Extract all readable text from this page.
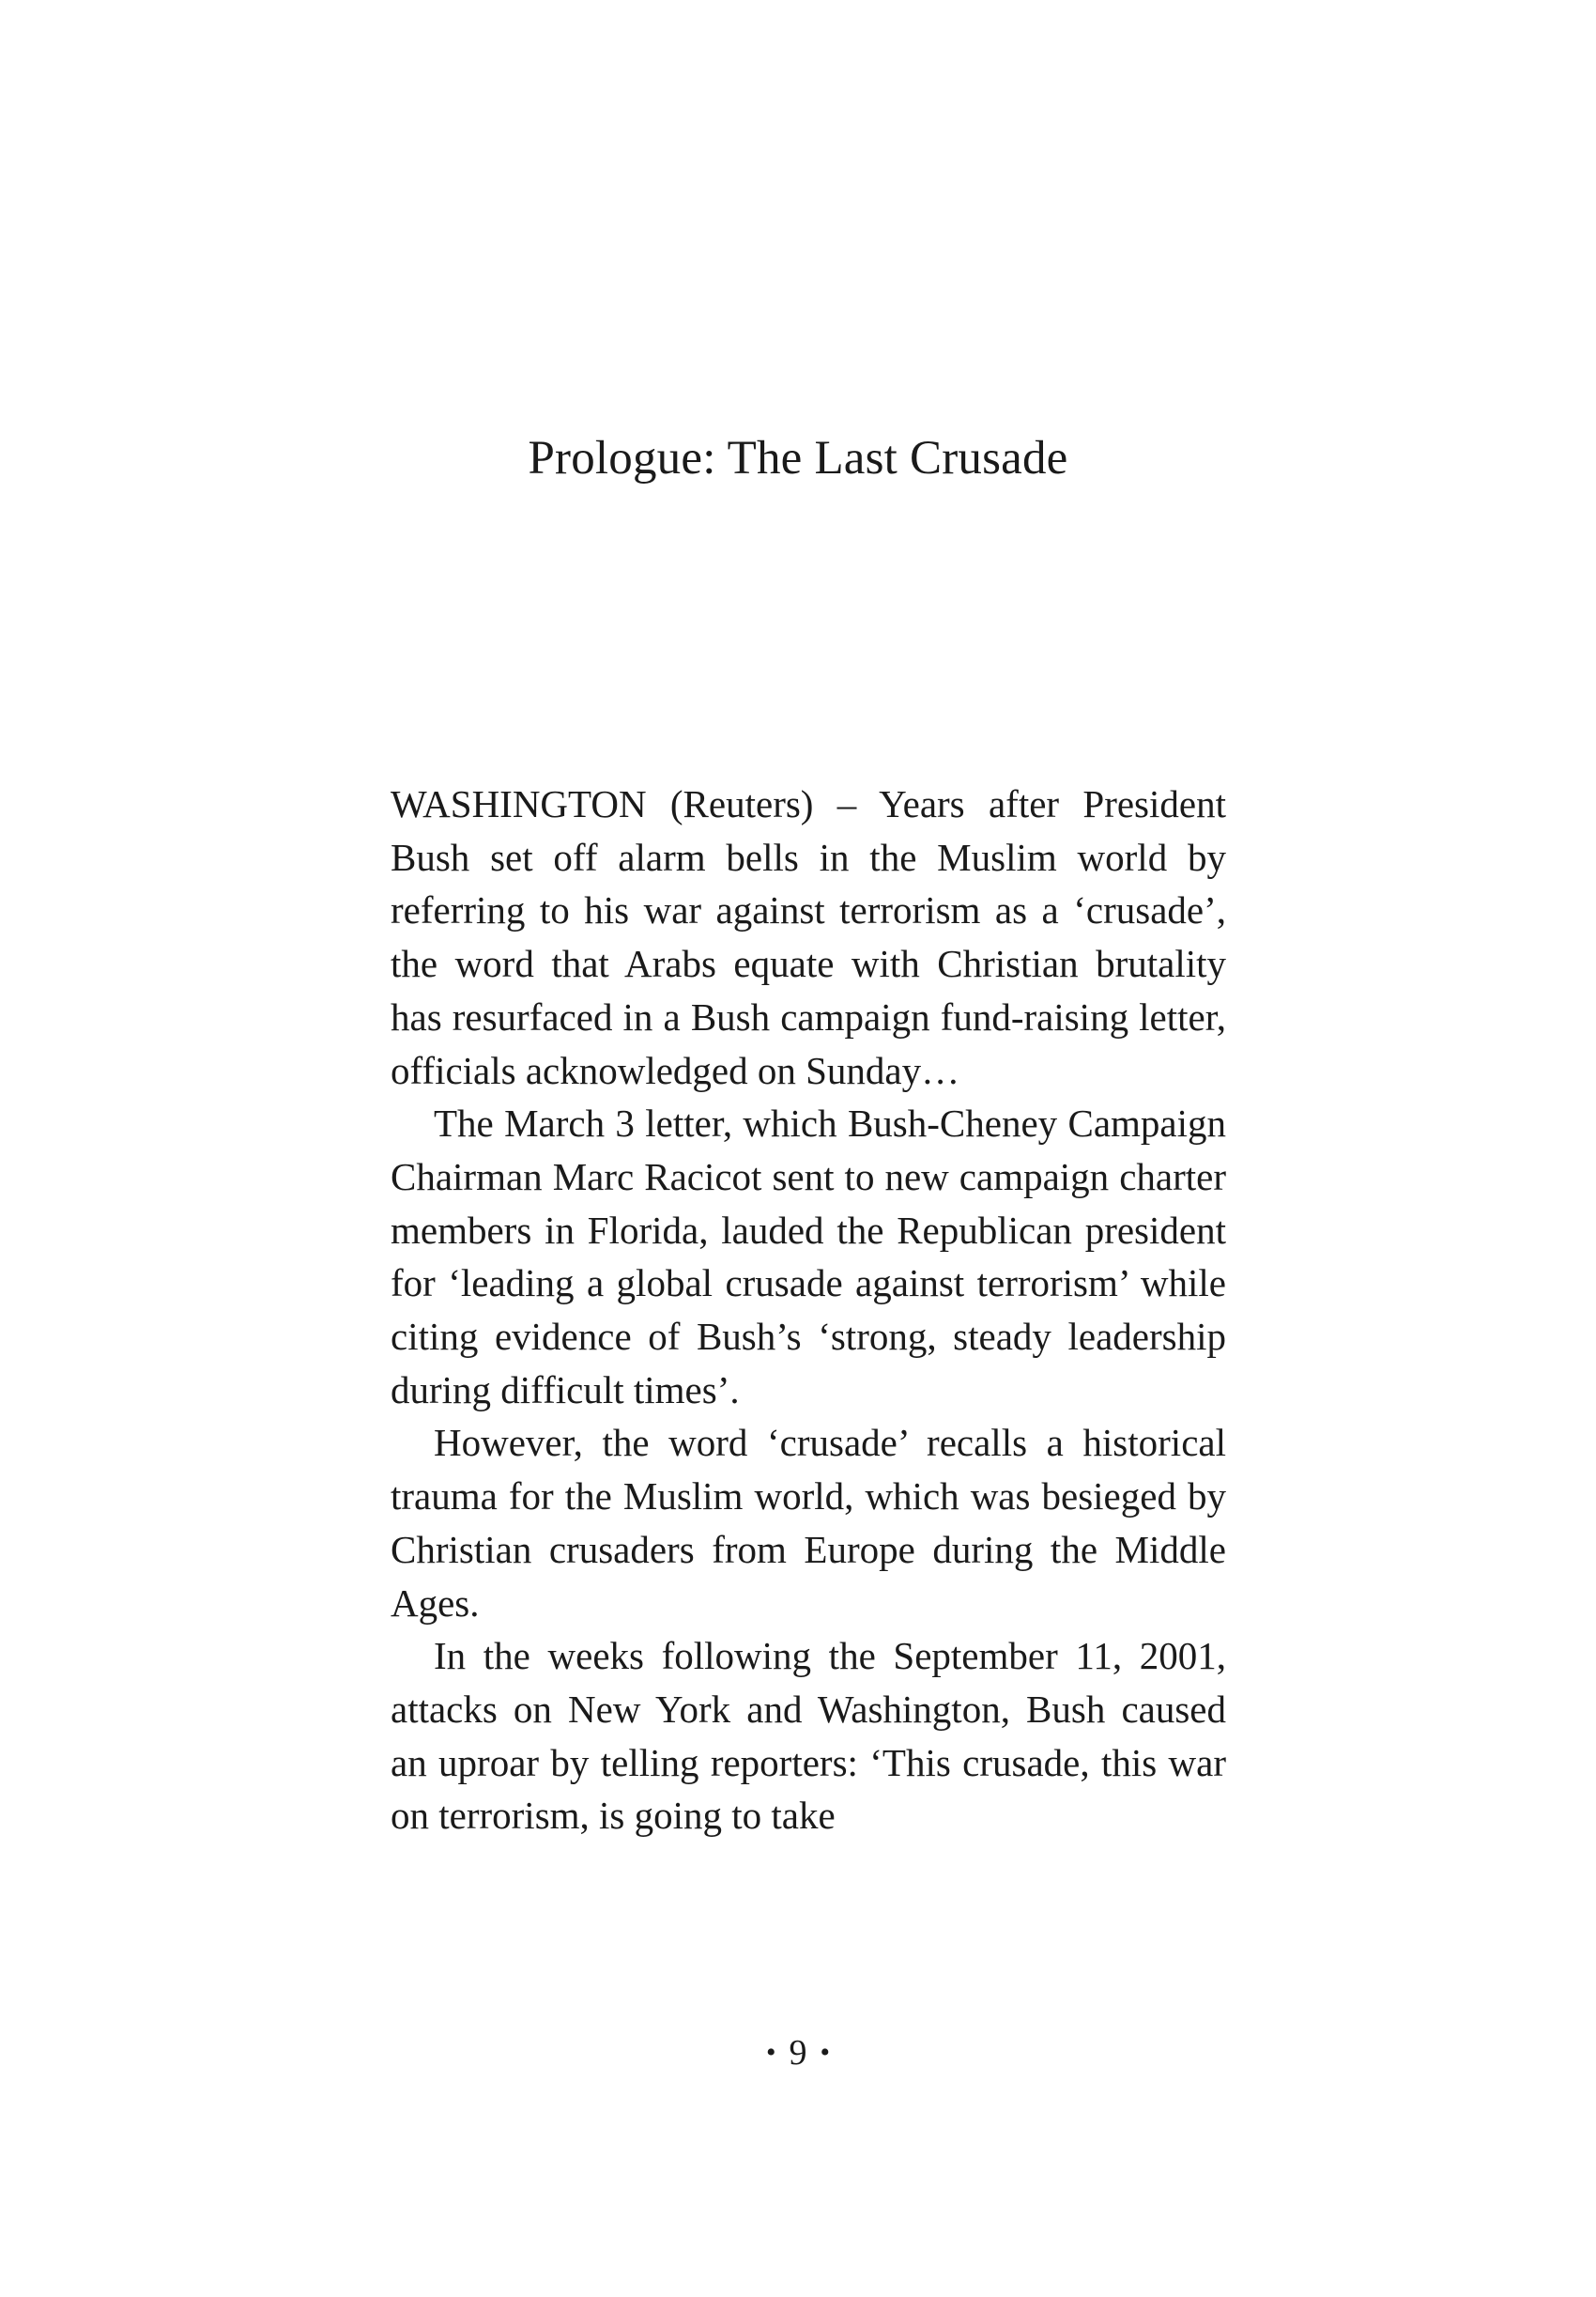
Prologue: The Last Crusade

WASHINGTON (Reuters) – Years after President Bush set off alarm bells in the Muslim world by referring to his war against terrorism as a ‘crusade’, the word that Arabs equate with Christian brutality has resurfaced in a Bush campaign fund-raising letter, officials acknowledged on Sunday…

The March 3 letter, which Bush-Cheney Campaign Chairman Marc Racicot sent to new campaign charter members in Florida, lauded the Republican president for ‘leading a global crusade against terrorism’ while citing evidence of Bush’s ‘strong, steady leadership during difficult times’.

However, the word ‘crusade’ recalls a historical trauma for the Muslim world, which was besieged by Christian crusaders from Europe during the Middle Ages.

In the weeks following the September 11, 2001, attacks on New York and Washington, Bush caused an uproar by telling reporters: ‘This crusade, this war on terrorism, is going to take

• 9 •
